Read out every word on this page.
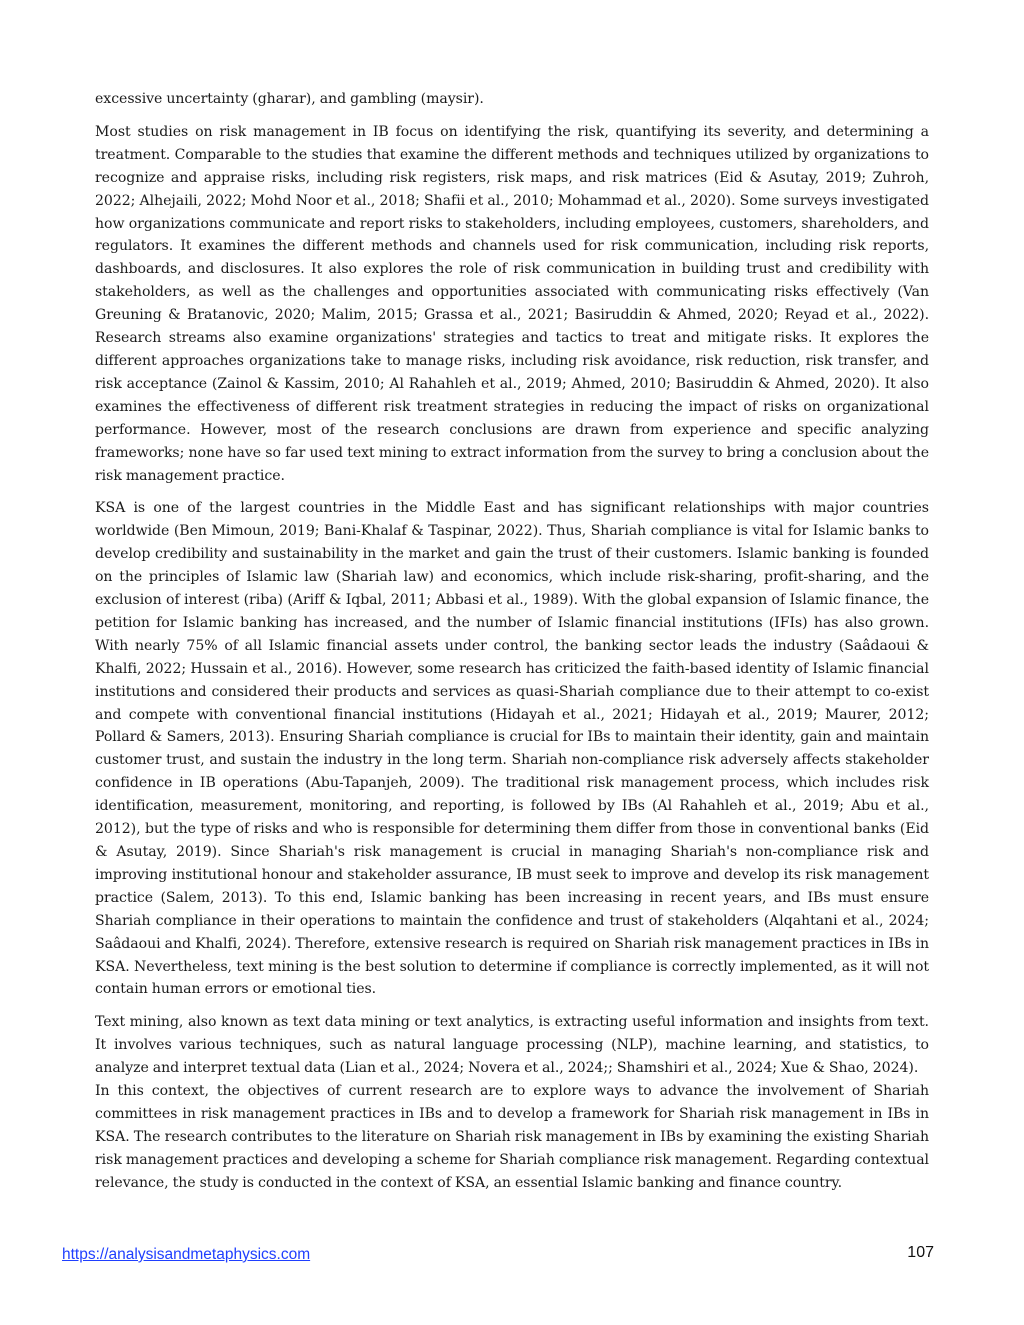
excessive uncertainty (gharar), and gambling (maysir).

Most studies on risk management in IB focus on identifying the risk, quantifying its severity, and determining a treatment. Comparable to the studies that examine the different methods and techniques utilized by organizations to recognize and appraise risks, including risk registers, risk maps, and risk matrices (Eid & Asutay, 2019; Zuhroh, 2022; Alhejaili, 2022; Mohd Noor et al., 2018; Shafii et al., 2010; Mohammad et al., 2020). Some surveys investigated how organizations communicate and report risks to stakeholders, including employees, customers, shareholders, and regulators. It examines the different methods and channels used for risk communication, including risk reports, dashboards, and disclosures. It also explores the role of risk communication in building trust and credibility with stakeholders, as well as the challenges and opportunities associated with communicating risks effectively (Van Greuning & Bratanovic, 2020; Malim, 2015; Grassa et al., 2021; Basiruddin & Ahmed, 2020; Reyad et al., 2022). Research streams also examine organizations' strategies and tactics to treat and mitigate risks. It explores the different approaches organizations take to manage risks, including risk avoidance, risk reduction, risk transfer, and risk acceptance (Zainol & Kassim, 2010; Al Rahahleh et al., 2019; Ahmed, 2010; Basiruddin & Ahmed, 2020). It also examines the effectiveness of different risk treatment strategies in reducing the impact of risks on organizational performance. However, most of the research conclusions are drawn from experience and specific analyzing frameworks; none have so far used text mining to extract information from the survey to bring a conclusion about the risk management practice.

KSA is one of the largest countries in the Middle East and has significant relationships with major countries worldwide (Ben Mimoun, 2019; Bani-Khalaf & Taspinar, 2022). Thus, Shariah compliance is vital for Islamic banks to develop credibility and sustainability in the market and gain the trust of their customers. Islamic banking is founded on the principles of Islamic law (Shariah law) and economics, which include risk-sharing, profit-sharing, and the exclusion of interest (riba) (Ariff & Iqbal, 2011; Abbasi et al., 1989). With the global expansion of Islamic finance, the petition for Islamic banking has increased, and the number of Islamic financial institutions (IFIs) has also grown. With nearly 75% of all Islamic financial assets under control, the banking sector leads the industry (Saâdaoui & Khalfi, 2022; Hussain et al., 2016). However, some research has criticized the faith-based identity of Islamic financial institutions and considered their products and services as quasi-Shariah compliance due to their attempt to co-exist and compete with conventional financial institutions (Hidayah et al., 2021; Hidayah et al., 2019; Maurer, 2012; Pollard & Samers, 2013). Ensuring Shariah compliance is crucial for IBs to maintain their identity, gain and maintain customer trust, and sustain the industry in the long term. Shariah non-compliance risk adversely affects stakeholder confidence in IB operations (Abu-Tapanjeh, 2009). The traditional risk management process, which includes risk identification, measurement, monitoring, and reporting, is followed by IBs (Al Rahahleh et al., 2019; Abu et al., 2012), but the type of risks and who is responsible for determining them differ from those in conventional banks (Eid & Asutay, 2019). Since Shariah's risk management is crucial in managing Shariah's non-compliance risk and improving institutional honour and stakeholder assurance, IB must seek to improve and develop its risk management practice (Salem, 2013). To this end, Islamic banking has been increasing in recent years, and IBs must ensure Shariah compliance in their operations to maintain the confidence and trust of stakeholders (Alqahtani et al., 2024; Saâdaoui and Khalfi, 2024). Therefore, extensive research is required on Shariah risk management practices in IBs in KSA. Nevertheless, text mining is the best solution to determine if compliance is correctly implemented, as it will not contain human errors or emotional ties.

Text mining, also known as text data mining or text analytics, is extracting useful information and insights from text. It involves various techniques, such as natural language processing (NLP), machine learning, and statistics, to analyze and interpret textual data (Lian et al., 2024; Novera et al., 2024;; Shamshiri et al., 2024; Xue & Shao, 2024).

In this context, the objectives of current research are to explore ways to advance the involvement of Shariah committees in risk management practices in IBs and to develop a framework for Shariah risk management in IBs in KSA. The research contributes to the literature on Shariah risk management in IBs by examining the existing Shariah risk management practices and developing a scheme for Shariah compliance risk management. Regarding contextual relevance, the study is conducted in the context of KSA, an essential Islamic banking and finance country.

https://analysisandmetaphysics.com	107
